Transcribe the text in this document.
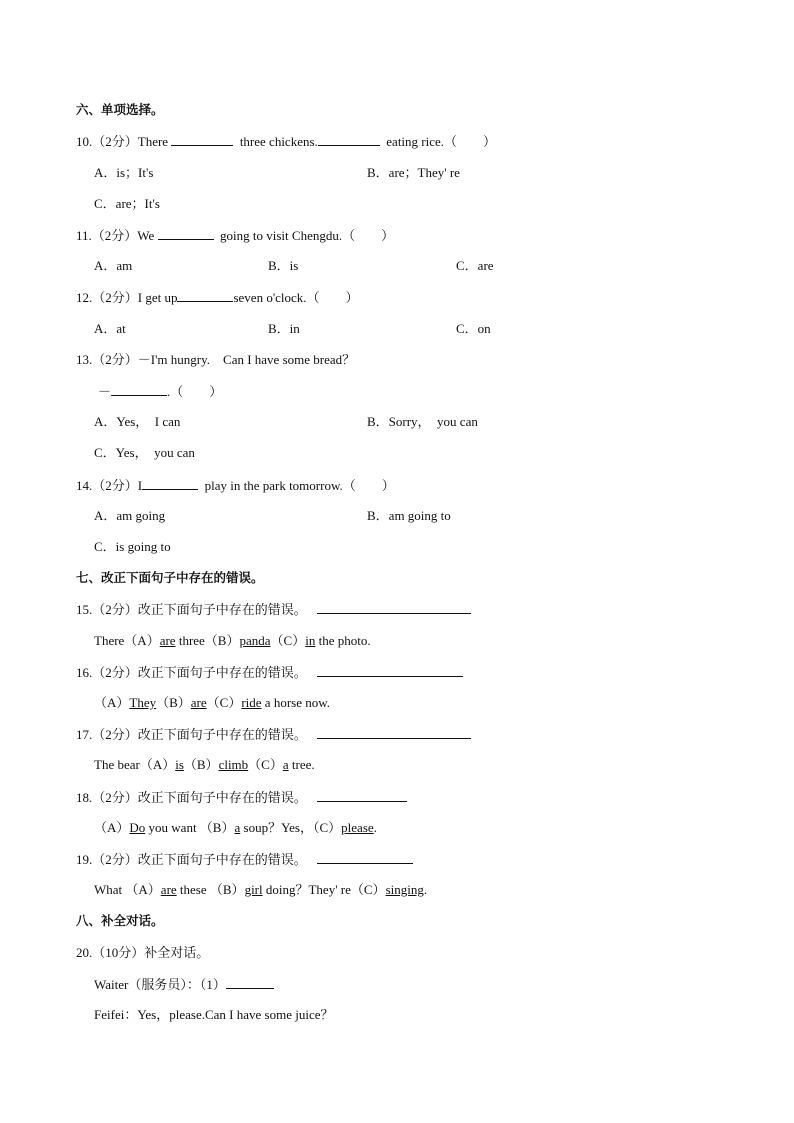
六、单项选择。
10.（2分）There	three chickens.	eating rice.（　　）
A．is；It's	B．are；They' re
C．are；It's
11.（2分）We	going to visit Chengdu.（　　）
A．am	B．is	C．are
12.（2分）I get up	seven o'clock.（　　）
A．at	B．in	C．on
13.（2分）－I'm hungry.　Can I have some bread？
－	.（　　）
A．Yes，　I can	B．Sorry，　you can
C．Yes，　you can
14.（2分）I	play in the park tomorrow.（　　）
A．am going	B．am going to
C．is going to
七、改正下面句子中存在的错误。
15.（2分）改正下面句子中存在的错误。
There（A）are three（B）panda（C）in the photo.
16.（2分）改正下面句子中存在的错误。
（A）They（B）are（C）ride a horse now.
17.（2分）改正下面句子中存在的错误。
The bear（A）is（B）climb（C）a tree.
18.（2分）改正下面句子中存在的错误。
（A）Do you want （B）a soup？Yes，（C）please.
19.（2分）改正下面句子中存在的错误。
What （A）are these （B）girl doing？They' re（C）singing.
八、补全对话。
20.（10分）补全对话。
Waiter（服务员）：（1）
Feifei：Yes，please.Can I have some juice？
